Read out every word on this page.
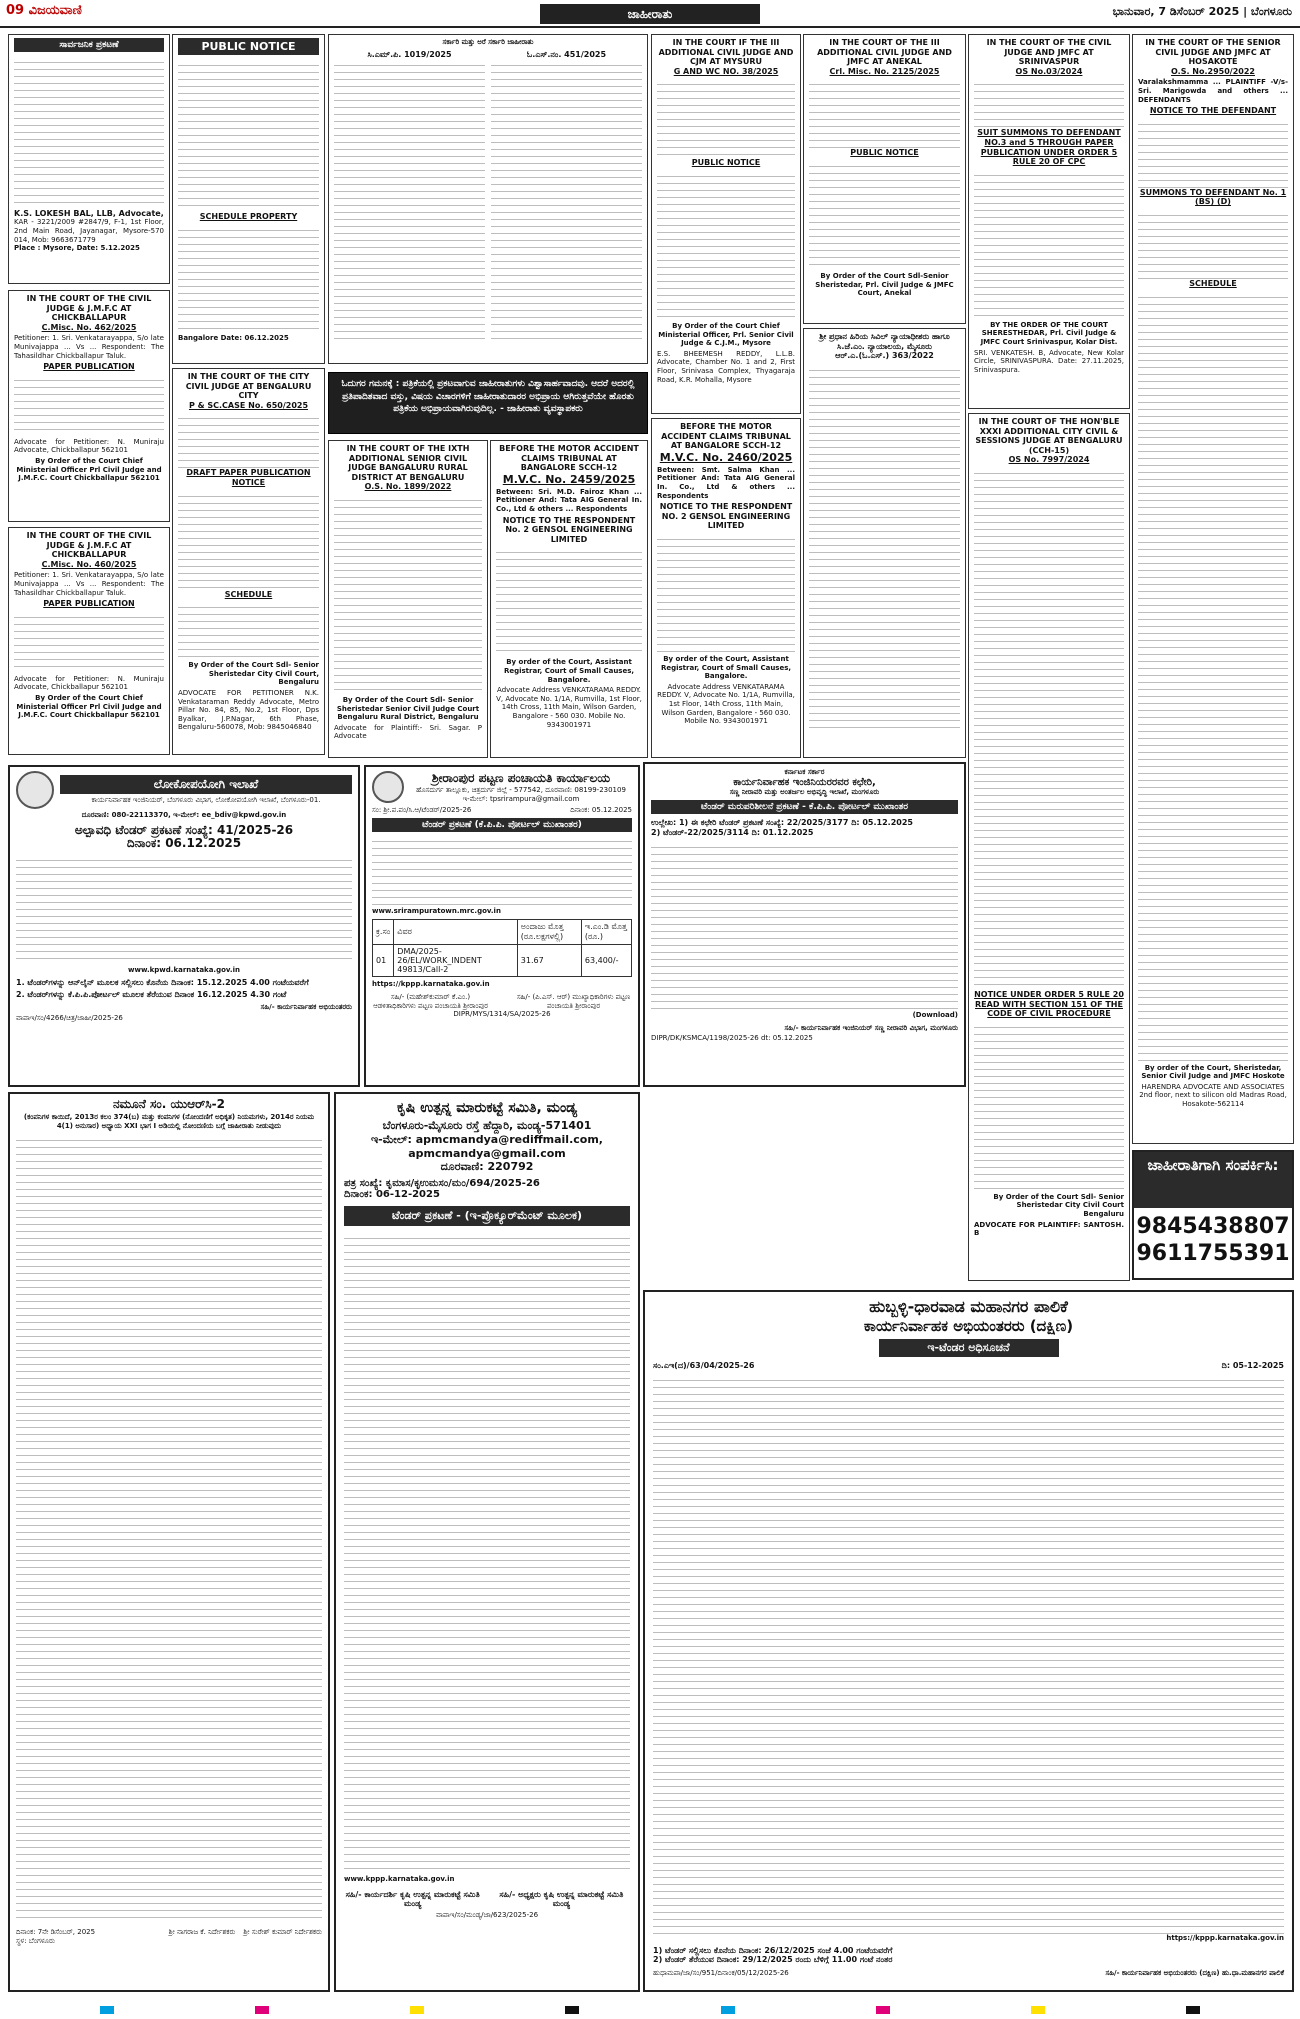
09 ವಿಜಯವಾಣಿ	ಜಾಹೀರಾತು	ಭಾನುವಾರ, 7 ಡಿಸೆಂಬರ್ 2025 | ಬೆಂಗಳೂರು
ಸಾರ್ವಜನಿಕ ಪ್ರಕಟಣೆ
K.S. LOKESH BAL, LLB, Advocate,
KAR - 3221/2009 #2847/9, F-1, 1st Floor, 2nd Main Road, Jayanagar, Mysore-570 014, Mob: 9663671779
Place : Mysore, Date: 5.12.2025
IN THE COURT OF THE CIVIL JUDGE & J.M.F.C AT CHICKBALLAPUR
C.Misc. No. 462/2025
Petitioner: 1. Sri. Venkatarayappa, S/o late Munivajappa ... Vs ... Respondent: The Tahasildhar Chickballapur Taluk.
PAPER PUBLICATION
Advocate for Petitioner: N. Muniraju Advocate, Chickballapur 562101
By Order of the Court Chief Ministerial Officer Prl Civil Judge and J.M.F.C. Court Chickballapur 562101
IN THE COURT OF THE CIVIL JUDGE & J.M.F.C AT CHICKBALLAPUR
C.Misc. No. 460/2025
Petitioner: 1. Sri. Venkatarayappa, S/o late Munivajappa ... Vs ... Respondent: The Tahasildhar Chickballapur Taluk.
PAPER PUBLICATION
Advocate for Petitioner: N. Muniraju Advocate, Chickballapur 562101
By Order of the Court Chief Ministerial Officer Prl Civil Judge and J.M.F.C. Court Chickballapur 562101
PUBLIC NOTICE
SCHEDULE PROPERTY
Bangalore Date: 06.12.2025
IN THE COURT OF THE CITY CIVIL JUDGE AT BENGALURU CITY
P & SC.CASE No. 650/2025
DRAFT PAPER PUBLICATION NOTICE
SCHEDULE
By Order of the Court Sdl- Senior Sheristedar City Civil Court, Bengaluru
ADVOCATE FOR PETITIONER N.K. Venkataraman Reddy Advocate, Metro Pillar No. 84, 85, No.2, 1st Floor, Dps Byalkar, J.P.Nagar, 6th Phase, Bengaluru-560078, Mob: 9845046840
ಸರ್ಕಾರಿ ಮತ್ತು ಅರೆ ಸರ್ಕಾರಿ ಜಾಹೀರಾತು
ಸಿ.ಎಮ್.ಪಿ. 1019/2025	ಓ.ಎಸ್.ನಂ. 451/2025
IN THE COURT IF THE III ADDITIONAL CIVIL JUDGE AND CJM AT MYSURU
G AND WC NO. 38/2025
PUBLIC NOTICE
By Order of the Court Chief Ministerial Officer, Prl. Senior Civil Judge & C.J.M., Mysore
E.S. BHEEMESH REDDY, L.L.B. Advocate, Chamber No. 1 and 2, First Floor, Srinivasa Complex, Thyagaraja Road, K.R. Mohalla, Mysore
IN THE COURT OF THE III ADDITIONAL CIVIL JUDGE AND JMFC AT ANEKAL
Crl. Misc. No. 2125/2025
PUBLIC NOTICE
By Order of the Court Sdl-Senior Sheristedar, Prl. Civil Judge & JMFC Court, Anekal
ಶ್ರೀ ಪ್ರಧಾನ ಹಿರಿಯ ಸಿವಿಲ್ ನ್ಯಾಯಾಧೀಶರು ಹಾಗೂ ಸಿ.ಜೆ.ಎಂ. ನ್ಯಾಯಾಲಯ, ಮೈಸೂರು
ಆರ್.ಎ.(ಓ.ಎಸ್.) 363/2022
IN THE COURT OF THE CIVIL JUDGE AND JMFC AT SRINIVASPUR
OS No.03/2024
SUIT SUMMONS TO DEFENDANT NO.3 and 5 THROUGH PAPER PUBLICATION UNDER ORDER 5 RULE 20 OF CPC
BY THE ORDER OF THE COURT SHERESTHEDAR, Prl. Civil Judge & JMFC Court Srinivaspur, Kolar Dist.
SRI. VENKATESH. B, Advocate, New Kolar Circle, SRINIVASPURA. Date: 27.11.2025, Srinivaspura.
IN THE COURT OF THE HON'BLE XXXI ADDITIONAL CITY CIVIL & SESSIONS JUDGE AT BENGALURU (CCH-15)
OS No. 7997/2024
NOTICE UNDER ORDER 5 RULE 20 READ WITH SECTION 151 OF THE CODE OF CIVIL PROCEDURE
By Order of the Court Sdl- Senior Sheristedar City Civil Court Bengaluru
ADVOCATE FOR PLAINTIFF: SANTOSH. B
IN THE COURT OF THE SENIOR CIVIL JUDGE AND JMFC AT HOSAKOTE
O.S. No.2950/2022
Varalakshmamma ... PLAINTIFF -V/s- Sri. Marigowda and others ... DEFENDANTS
NOTICE TO THE DEFENDANT
SUMMONS TO DEFENDANT No. 1 (BS) (D)
SCHEDULE
By order of the Court, Sheristedar, Senior Civil Judge and JMFC Hoskote
HARENDRA ADVOCATE AND ASSOCIATES 2nd floor, next to silicon old Madras Road, Hosakote-562114
ಜಾಹೀರಾತಿಗಾಗಿ ಸಂಪರ್ಕಿಸಿ:
9845438807
9611755391
ಓದುಗರ ಗಮನಕ್ಕೆ : ಪತ್ರಿಕೆಯಲ್ಲಿ ಪ್ರಕಟವಾಗುವ ಜಾಹೀರಾತುಗಳು ವಿಶ್ವಾಸಾರ್ಹವಾದವು. ಆದರೆ ಅದರಲ್ಲಿ ಪ್ರತಿಪಾದಿತವಾದ ವಸ್ತು, ವಿಷಯ ವಿಚಾರಗಳಿಗೆ ಜಾಹೀರಾತುದಾರರ ಅಭಿಪ್ರಾಯ ಆಗಿರುತ್ತವೆಯೇ ಹೊರತು ಪತ್ರಿಕೆಯ ಅಭಿಪ್ರಾಯವಾಗಿರುವುದಿಲ್ಲ. - ಜಾಹೀರಾತು ವ್ಯವಸ್ಥಾಪಕರು
IN THE COURT OF THE IXTH ADDITIONAL SENIOR CIVIL JUDGE BANGALURU RURAL DISTRICT AT BENGALURU
O.S. No. 1899/2022
By Order of the Court Sdl- Senior Sheristedar Senior Civil Judge Court Bengaluru Rural District, Bengaluru
Advocate for Plaintiff:- Sri. Sagar. P Advocate
BEFORE THE MOTOR ACCIDENT CLAIMS TRIBUNAL AT BANGALORE SCCH-12
M.V.C. No. 2459/2025
Between: Sri. M.D. Fairoz Khan ... Petitioner And: Tata AIG General In. Co., Ltd & others ... Respondents
NOTICE TO THE RESPONDENT No. 2 GENSOL ENGINEERING LIMITED
By order of the Court, Assistant Registrar, Court of Small Causes, Bangalore.
Advocate Address VENKATARAMA REDDY. V, Advocate No. 1/1A, Rumvilla, 1st Floor, 14th Cross, 11th Main, Wilson Garden, Bangalore - 560 030. Mobile No. 9343001971
BEFORE THE MOTOR ACCIDENT CLAIMS TRIBUNAL AT BANGALORE SCCH-12
M.V.C. No. 2460/2025
Between: Smt. Salma Khan ... Petitioner And: Tata AIG General In. Co., Ltd & others ... Respondents
NOTICE TO THE RESPONDENT NO. 2 GENSOL ENGINEERING LIMITED
By order of the Court, Assistant Registrar, Court of Small Causes, Bangalore.
Advocate Address VENKATARAMA REDDY. V, Advocate No. 1/1A, Rumvilla, 1st Floor, 14th Cross, 11th Main, Wilson Garden, Bangalore - 560 030. Mobile No. 9343001971
ಲೋಕೋಪಯೋಗಿ ಇಲಾಖೆ
ಕಾರ್ಯನಿರ್ವಾಹಕ ಇಂಜಿನಿಯರ್, ಬೆಂಗಳೂರು ವಿಭಾಗ, ಲೋಕೋಪಯೋಗಿ ಇಲಾಖೆ, ಬೆಂಗಳೂರು-01.
ದೂರವಾಣಿ: 080-22113370, ಇ-ಮೇಲ್: ee_bdiv@kpwd.gov.in
ಅಲ್ಪಾವಧಿ ಟೆಂಡರ್ ಪ್ರಕಟಣೆ ಸಂಖ್ಯೆ: 41/2025-26
ದಿನಾಂಕ: 06.12.2025
www.kpwd.karnataka.gov.in
1. ಟೆಂಡರ್‌ಗಳನ್ನು ಆನ್‌ಲೈನ್ ಮೂಲಕ ಸಲ್ಲಿಸಲು ಕೊನೆಯ ದಿನಾಂಕ: 15.12.2025 4.00 ಗಂಟೆಯವರೆಗೆ
2. ಟೆಂಡರ್‌ಗಳನ್ನು ಕೆ.ಪಿ.ಪಿ.ಪೋರ್ಟಲ್ ಮೂಲಕ ತೆರೆಯುವ ದಿನಾಂಕ 16.12.2025 4.30 ಗಂಟೆ
ಸಹಿ/- ಕಾರ್ಯನಿರ್ವಾಹಕ ಅಭಿಯಂತರರು
ವಾಪಾಇ/ಸಂ/4266/ಚಿತ್ರ/ಜಾಹೀ/2025-26
ಶ್ರೀರಾಂಪುರ ಪಟ್ಟಣ ಪಂಚಾಯತಿ ಕಾರ್ಯಾಲಯ
ಹೊಸದುರ್ಗ ತಾಲ್ಲೂಕು, ಚಿತ್ರದುರ್ಗ ಜಿಲ್ಲೆ - 577542, ದೂರವಾಣಿ: 08199-230109
ಇ-ಮೇಲ್: tpsrirampura@gmail.com
ಸಂ: ಶ್ರೀ.ಪ.ಪಂ/ಸಿ.ಆ/ಟೆಂಡರ್/2025-26	ದಿನಾಂಕ: 05.12.2025
ಟೆಂಡರ್ ಪ್ರಕಟಣೆ (ಕೆ.ಪಿ.ಪಿ. ಪೋರ್ಟಲ್ ಮುಖಾಂತರ)
www.srirampuratown.mrc.gov.in
ಕ್ರ.ಸಂ	ವಿವರ	ಅಂದಾಜು ಮೊತ್ತ (ರೂ.ಲಕ್ಷಗಳಲ್ಲಿ)	ಇ.ಎಂ.ಡಿ ಮೊತ್ತ (ರೂ.)
01	DMA/2025-26/EL/WORK_INDENT 49813/Call-2	31.67	63,400/-
https://kppp.karnataka.gov.in
ಸಹಿ/- (ಮಹೇಶ್‌ಕುಮಾರ್ ಕೆ.ಎಂ.) ಆಡಳಿತಾಧಿಕಾರಿಗಳು ಪಟ್ಟಣ ಪಂಚಾಯತಿ ಶ್ರೀರಾಂಪುರ
ಸಹಿ/- (ಪಿ.ಎಸ್. ಆರ್) ಮುಖ್ಯಾಧಿಕಾರಿಗಳು ಪಟ್ಟಣ ಪಂಚಾಯತಿ ಶ್ರೀರಾಂಪುರ
DIPR/MYS/1314/SA/2025-26
ಕರ್ನಾಟಕ ಸರ್ಕಾರ
ಕಾರ್ಯನಿರ್ವಾಹಕ ಇಂಜಿನಿಯರರವರ ಕಛೇರಿ,
ಸಣ್ಣ ನೀರಾವರಿ ಮತ್ತು ಅಂತರ್ಜಲ ಅಭಿವೃದ್ಧಿ ಇಲಾಖೆ, ಮಂಗಳೂರು
ಟೆಂಡರ್ ಮರುಪರಿಶೀಲನೆ ಪ್ರಕಟಣೆ - ಕೆ.ಪಿ.ಪಿ. ಪೋರ್ಟಲ್ ಮುಖಾಂತರ
ಉಲ್ಲೇಖ: 1) ಈ ಕಛೇರಿ ಟೆಂಡರ್ ಪ್ರಕಟಣೆ ಸಂಖ್ಯೆ: 22/2025/3177 ದಿ: 05.12.2025
2) ಟೆಂಡರ್-22/2025/3114 ದಿ: 01.12.2025
(Download)
ಸಹಿ/- ಕಾರ್ಯನಿರ್ವಾಹಕ ಇಂಜಿನಿಯರ್ ಸಣ್ಣ ನೀರಾವರಿ ವಿಭಾಗ, ಮಂಗಳೂರು
DIPR/DK/KSMCA/1198/2025-26 dt: 05.12.2025
ನಮೂನೆ ಸಂ. ಯುಆರ್‌ಸಿ-2
(ಕಂಪನಿಗಳ ಕಾಯಿದೆ, 2013ರ ಕಲಂ 374(ಬ) ಮತ್ತು ಕಂಪನಿಗಳ (ನೋಂದಣಿಗೆ ಅಧಿಕೃತ) ನಿಯಮಗಳು, 2014ರ ನಿಯಮ 4(1) ಅನುಸಾರ) ಅಧ್ಯಾಯ XXI ಭಾಗ I ಅಡಿಯಲ್ಲಿ ನೋಂದಣಿಯ ಬಗ್ಗೆ ಜಾಹೀರಾತು ನೀಡುವುದು
ದಿನಾಂಕ: 7ನೇ ಡಿಸೆಂಬರ್, 2025
ಸ್ಥಳ: ಬೆಂಗಳೂರು
ಶ್ರೀ ನಾಗರಾಜ ಕೆ. ನಿರ್ದೇಶಕರು ಶ್ರೀ ಸುರೇಶ್ ಕುಮಾರ್ ನಿರ್ದೇಶಕರು
ಕೃಷಿ ಉತ್ಪನ್ನ ಮಾರುಕಟ್ಟೆ ಸಮಿತಿ, ಮಂಡ್ಯ
ಬೆಂಗಳೂರು-ಮೈಸೂರು ರಸ್ತೆ ಹೆದ್ದಾರಿ, ಮಂಡ್ಯ-571401
ಇ-ಮೇಲ್: apmcmandya@rediffmail.com,
apmcmandya@gmail.com
ದೂರವಾಣಿ: 220792
ಪತ್ರ ಸಂಖ್ಯೆ: ಕೃಮಾಸ/ಕೃಉಮಸಂ/ಮಂ/694/2025-26
ದಿನಾಂಕ: 06-12-2025
ಟೆಂಡರ್ ಪ್ರಕಟಣೆ - (ಇ-ಪ್ರೊಕ್ಯೂರ್‌ಮೆಂಟ್ ಮೂಲಕ)
www.kppp.karnataka.gov.in
ಸಹಿ/- ಕಾರ್ಯದರ್ಶಿ ಕೃಷಿ ಉತ್ಪನ್ನ ಮಾರುಕಟ್ಟೆ ಸಮಿತಿ ಮಂಡ್ಯ
ಸಹಿ/- ಅಧ್ಯಕ್ಷರು ಕೃಷಿ ಉತ್ಪನ್ನ ಮಾರುಕಟ್ಟೆ ಸಮಿತಿ ಮಂಡ್ಯ
ವಾಪಾಇ/ಸಂ/ಮಂಡ್ಯ/ಜಾ/623/2025-26
ಹುಬ್ಬಳ್ಳಿ-ಧಾರವಾಡ ಮಹಾನಗರ ಪಾಲಿಕೆ
ಕಾರ್ಯನಿರ್ವಾಹಕ ಅಭಿಯಂತರರು (ದಕ್ಷಿಣ)
ಇ-ಟೆಂಡರ ಅಧಿಸೂಚನೆ
ಸಂ.ಎಇ(ದ)/63/04/2025-26	ದಿ: 05-12-2025
https://kppp.karnataka.gov.in
1) ಟೆಂಡರ್ ಸಲ್ಲಿಸಲು ಕೊನೆಯ ದಿನಾಂಕ: 26/12/2025 ಸಂಜೆ 4.00 ಗಂಟೆಯವರೆಗೆ
2) ಟೆಂಡರ್ ತೆರೆಯುವ ದಿನಾಂಕ: 29/12/2025 ರಂದು ಬೆಳಿಗ್ಗೆ 11.00 ಗಂಟೆ ನಂತರ
ಹುಧಾಮಪಾ/ಜಾ/ಸಂ/951/ದಿನಾಂಕ/05/12/2025-26	ಸಹಿ/- ಕಾರ್ಯನಿರ್ವಾಹಕ ಅಭಿಯಂತರರು (ದಕ್ಷಿಣ) ಹು.ಧಾ.ಮಹಾನಗರ ಪಾಲಿಕೆ
